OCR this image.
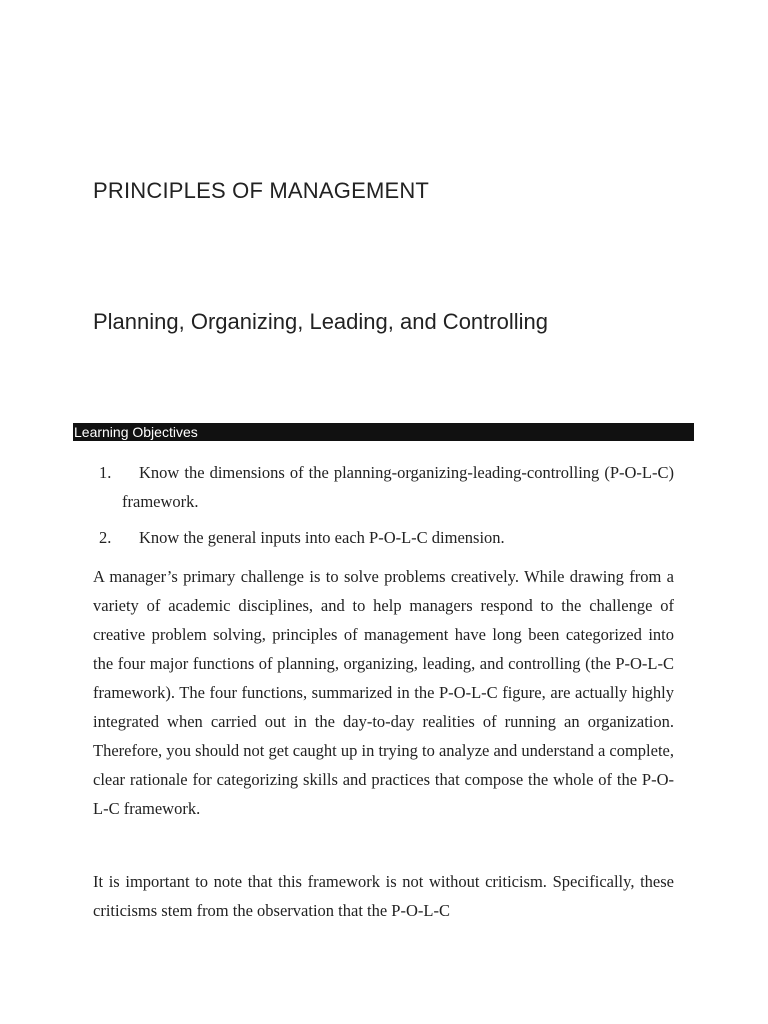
PRINCIPLES OF MANAGEMENT
Planning, Organizing, Leading, and Controlling
Learning Objectives
1. Know the dimensions of the planning-organizing-leading-controlling (P-O-L-C) framework.
2. Know the general inputs into each P-O-L-C dimension.

A manager’s primary challenge is to solve problems creatively. While drawing from a variety of academic disciplines, and to help managers respond to the challenge of creative problem solving, principles of management have long been categorized into the four major functions of planning, organizing, leading, and controlling (the P-O-L-C framework). The four functions, summarized in the P-O-L-C figure, are actually highly integrated when carried out in the day-to-day realities of running an organization. Therefore, you should not get caught up in trying to analyze and understand a complete, clear rationale for categorizing skills and practices that compose the whole of the P-O-L-C framework.

It is important to note that this framework is not without criticism. Specifically, these criticisms stem from the observation that the P-O-L-C
